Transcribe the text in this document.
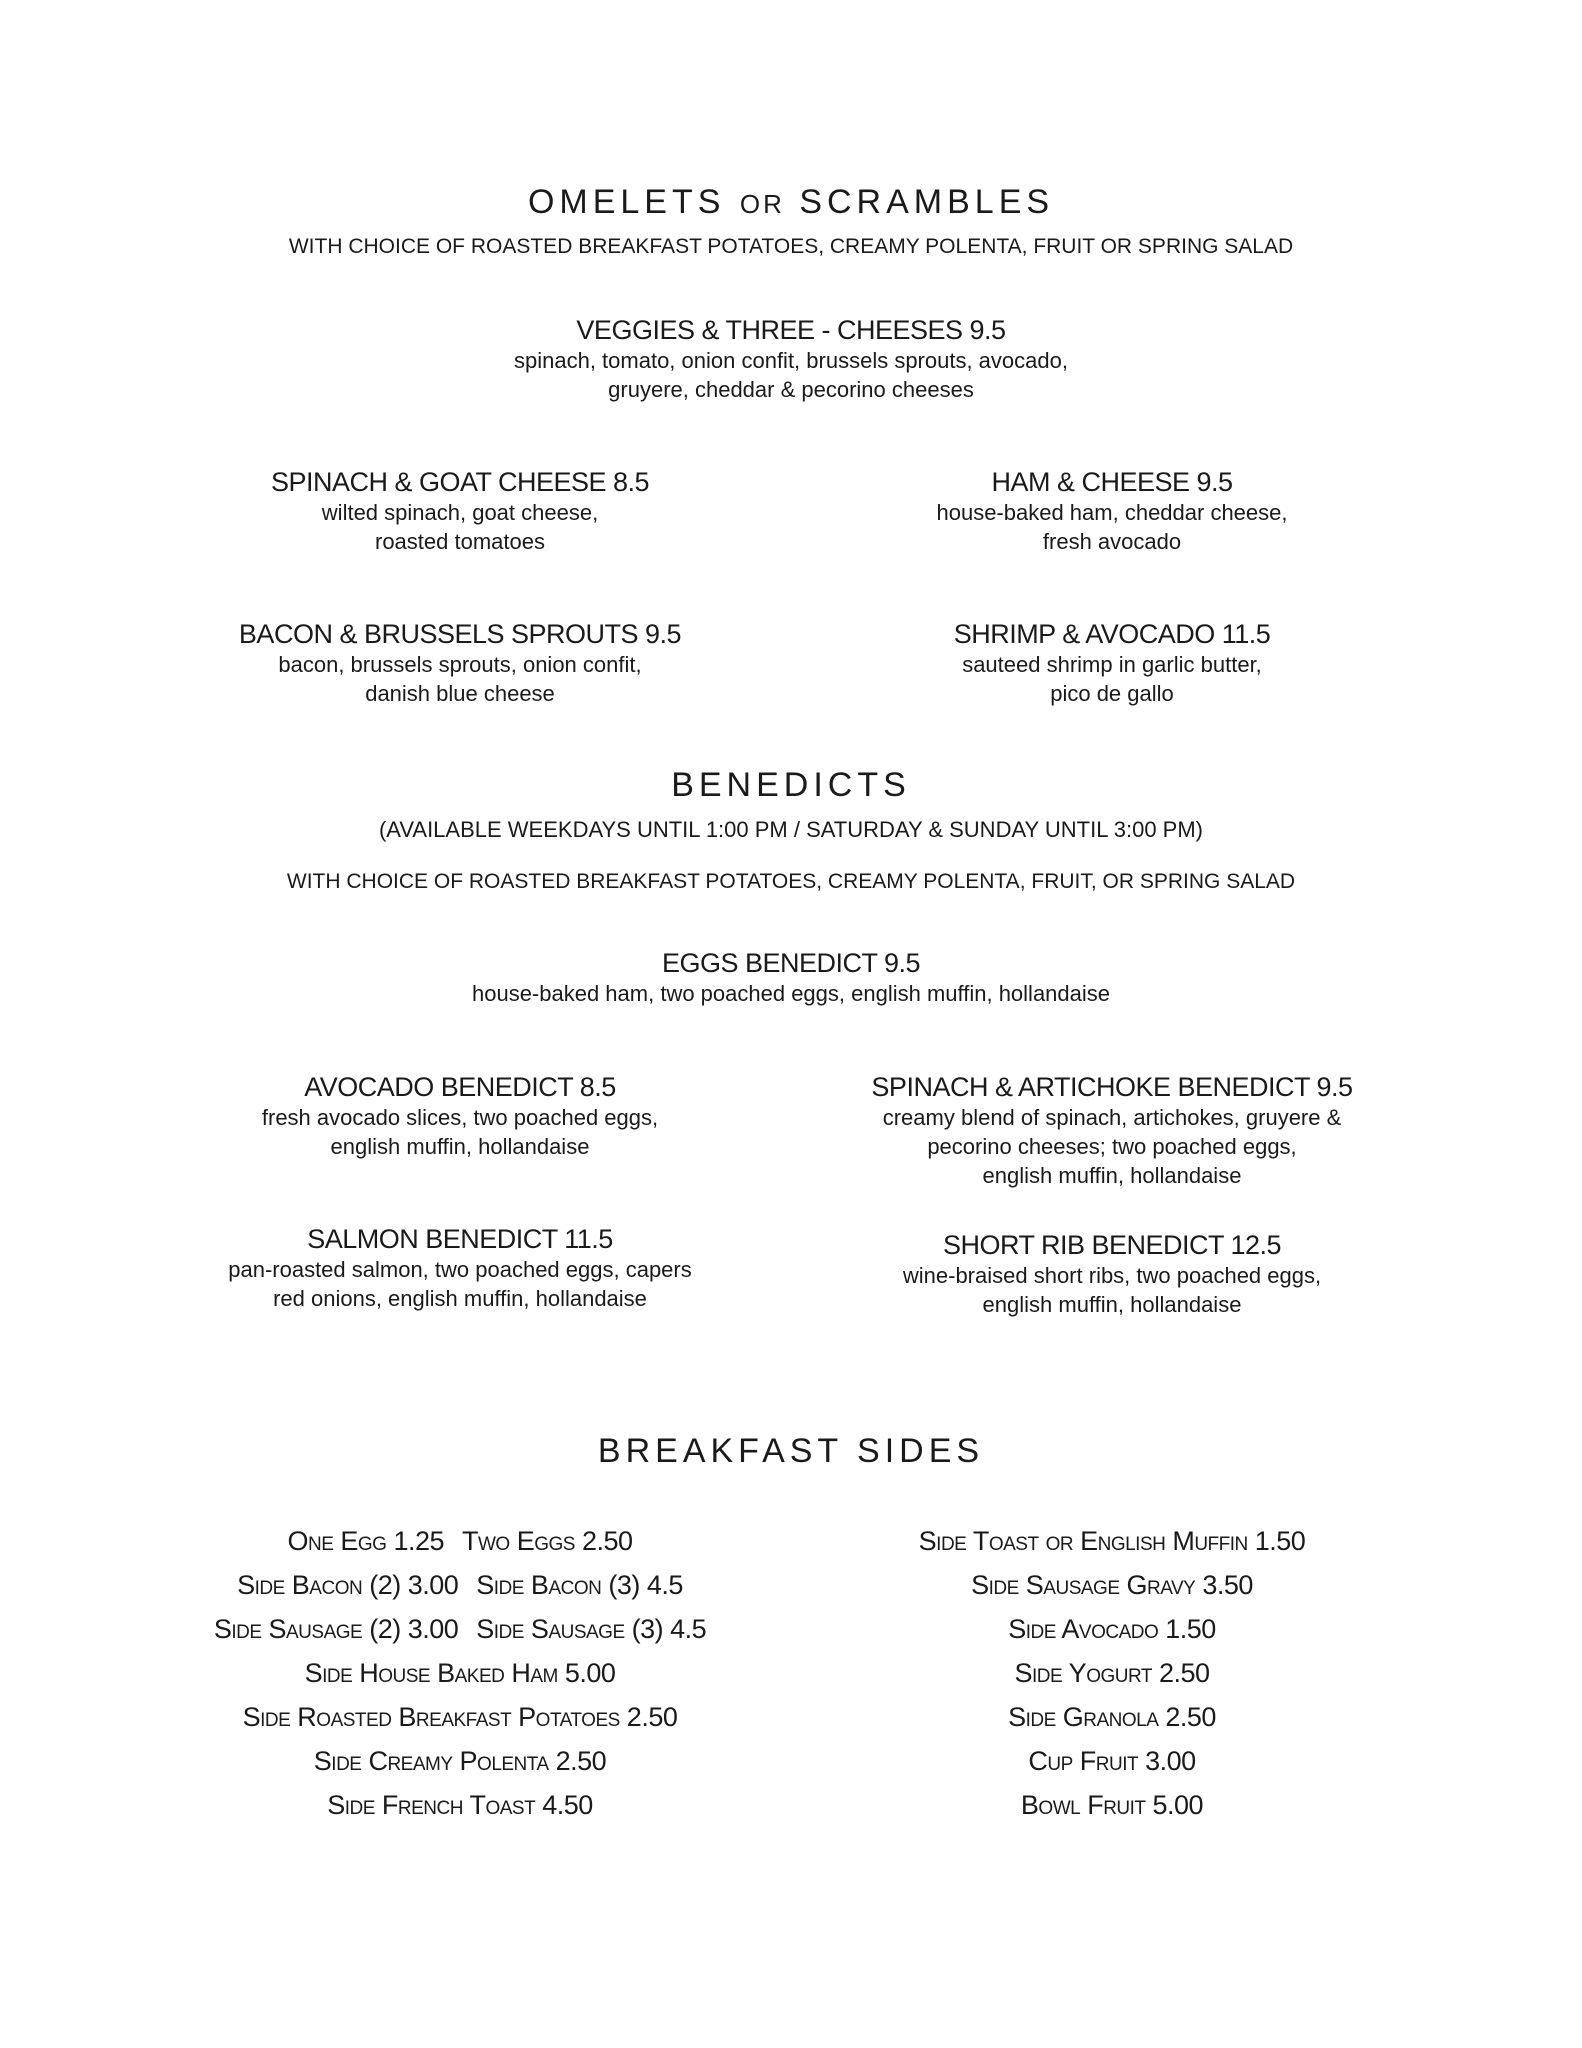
OMELETS OR SCRAMBLES
WITH CHOICE OF ROASTED BREAKFAST POTATOES, CREAMY POLENTA, FRUIT OR SPRING SALAD
VEGGIES & THREE - CHEESES 9.5
spinach, tomato, onion confit, brussels sprouts, avocado,
gruyere, cheddar & pecorino cheeses
SPINACH & GOAT CHEESE 8.5
wilted spinach, goat cheese,
roasted tomatoes
HAM & CHEESE 9.5
house-baked ham, cheddar cheese,
fresh avocado
BACON & BRUSSELS SPROUTS 9.5
bacon, brussels sprouts, onion confit,
danish blue cheese
SHRIMP & AVOCADO 11.5
sauteed shrimp in garlic butter,
pico de gallo
BENEDICTS
(AVAILABLE WEEKDAYS UNTIL 1:00 PM / SATURDAY & SUNDAY UNTIL 3:00 PM)
WITH CHOICE OF ROASTED BREAKFAST POTATOES, CREAMY POLENTA, FRUIT, OR SPRING SALAD
EGGS BENEDICT 9.5
house-baked ham, two poached eggs, english muffin, hollandaise
AVOCADO BENEDICT 8.5
fresh avocado slices, two poached eggs,
english muffin, hollandaise
SPINACH & ARTICHOKE BENEDICT 9.5
creamy blend of spinach, artichokes, gruyere &
pecorino cheeses; two poached eggs,
english muffin, hollandaise
SALMON BENEDICT 11.5
pan-roasted salmon, two poached eggs, capers
red onions, english muffin, hollandaise
SHORT RIB BENEDICT 12.5
wine-braised short ribs, two poached eggs,
english muffin, hollandaise
BREAKFAST SIDES
One Egg 1.25 Two Eggs 2.50
Side Bacon (2) 3.00 Side Bacon (3) 4.5
Side Sausage (2) 3.00 Side Sausage (3) 4.5
Side House Baked Ham 5.00
Side Roasted Breakfast Potatoes 2.50
Side Creamy Polenta 2.50
Side French Toast 4.50
Side Toast or English Muffin 1.50
Side Sausage Gravy 3.50
Side Avocado 1.50
Side Yogurt 2.50
Side Granola 2.50
Cup Fruit 3.00
Bowl Fruit 5.00
